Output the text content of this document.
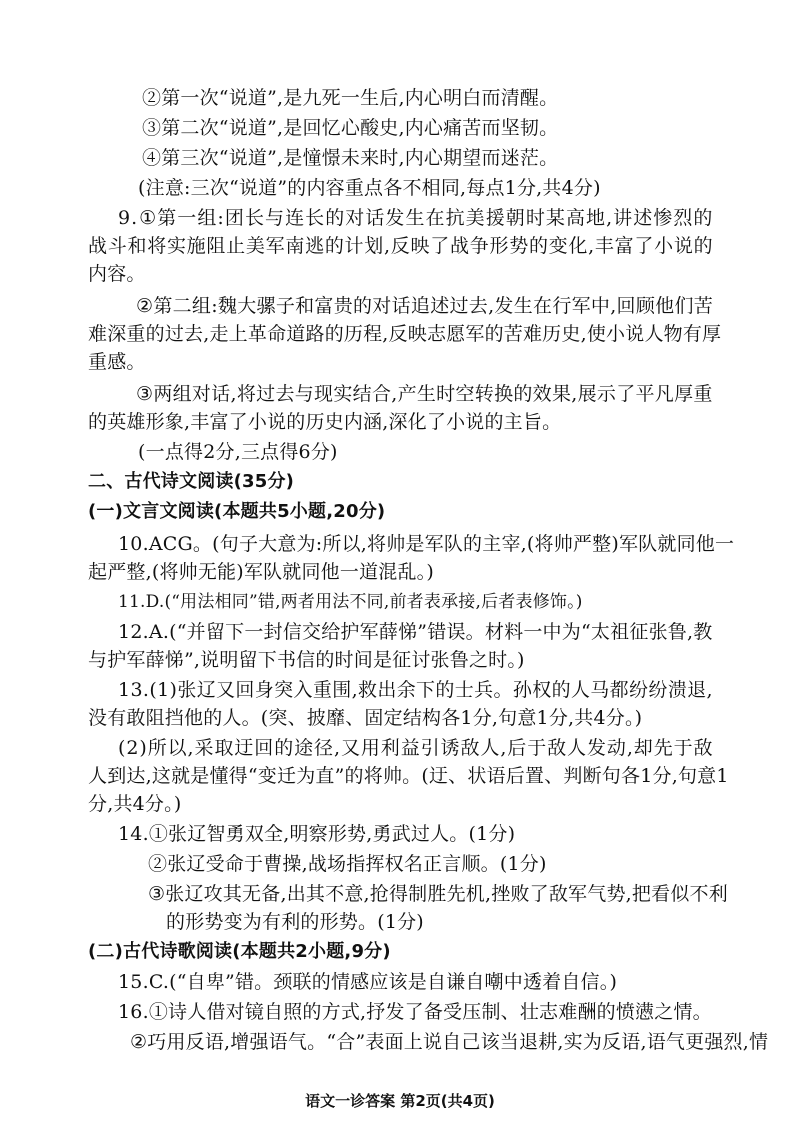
②第一次“说道”,是九死一生后,内心明白而清醒。
③第二次“说道”,是回忆心酸史,内心痛苦而坚韧。
④第三次“说道”,是憧憬未来时,内心期望而迷茫。
(注意:三次“说道”的内容重点各不相同,每点1分,共4分)
9 . ① 第 一 组 : 团 长 与 连 长 的 对 话 发 生 在 抗 美 援 朝 时 某 高 地 , 讲 述 惨 烈 的
战 斗 和 将 实 施 阻 止 美 军 南 逃 的 计 划 , 反 映 了 战 争 形 势 的 变 化 , 丰 富 了 小 说 的
内容。
② 第 二 组 : 魏 大 骡 子 和 富 贵 的 对 话 追 述 过 去 , 发 生 在 行 军 中 , 回 顾 他 们 苦
难 深 重 的 过 去 , 走 上 革 命 道 路 的 历 程 , 反 映 志 愿 军 的 苦 难 历 史 , 使 小 说 人 物 有 厚
重感。
③ 两 组 对 话 , 将 过 去 与 现 实 结 合 , 产 生 时 空 转 换 的 效 果 , 展 示 了 平 凡 厚 重
的英雄形象,丰富了小说的历史内涵,深化了小说的主旨。
(一点得2分,三点得6分)
二、古代诗文阅读(35分)
(一)文言文阅读(本题共5小题,20分)
1 0 . A C G 。 ( 句 子 大 意 为 : 所 以 , 将 帅 是 军 队 的 主 宰 , ( 将 帅 严 整 ) 军 队 就 同 他 一
起严整,(将帅无能)军队就同他一道混乱。)
11.D.(“用法相同”错,两者用法不同,前者表承接,后者表修饰。)
1 2 . A . ( “ 并 留 下 一 封 信 交 给 护 军 薛 悌 ” 错 误 。 材 料 一 中 为 “ 太 祖 征 张 鲁 , 教
与护军薛悌”,说明留下书信的时间是征讨张鲁之时。)
1 3 . ( 1 ) 张 辽 又 回 身 突 入 重 围 , 救 出 余 下 的 士 兵 。 孙 权 的 人 马 都 纷 纷 溃 退 ,
没有敢阻挡他的人。(突、披靡、固定结构各1分,句意1分,共4分。)
( 2 ) 所 以 , 采 取 迂 回 的 途 径 , 又 用 利 益 引 诱 敌 人 , 后 于 敌 人 发 动 , 却 先 于 敌
人 到 达 , 这 就 是 懂 得 “ 变 迁 为 直 ” 的 将 帅 。 ( 迂 、 状 语 后 置 、 判 断 句 各 1 分 , 句 意 1
分,共4分。)
14.①张辽智勇双全,明察形势,勇武过人。(1分)
②张辽受命于曹操,战场指挥权名正言顺。(1分)
③ 张 辽 攻 其 无 备 , 出 其 不 意 , 抢 得 制 胜 先 机 , 挫 败 了 敌 军 气 势 , 把 看 似 不 利
的形势变为有利的形势。(1分)
(二)古代诗歌阅读(本题共2小题,9分)
15.C.(“自卑”错。颈联的情感应该是自谦自嘲中透着自信。)
16.①诗人借对镜自照的方式,抒发了备受压制、壮志难酬的愤懑之情。
② 巧 用 反 语 , 增 强 语 气 。 “ 合 ” 表 面 上 说 自 己 该 当 退 耕 , 实 为 反 语 , 语 气 更 强 烈 , 情
语文一诊答案 第2页(共4页)
